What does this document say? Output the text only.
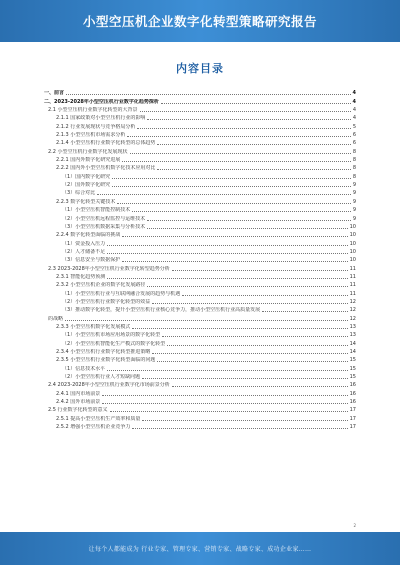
小型空压机企业数字化转型策略研究报告
内容目录
一、前言	4
二、2023-2028年小型空压机行业数字化趋势探析	4
2.1 小型空压机行业数字化转型的大背景	4
2.1.1 国家政策对小型空压机行业的影响	4
2.1.2 行业发展现状与竞争格局分析	5
2.1.3 小型空压机市场需求分析	6
2.1.4 小型空压机行业数字化转型的总体趋势	6
2.2 小型空压机行业数字化发展现状	8
2.2.1 国内外数字化研究进展	8
2.2.2 国内外小型空压机数字化技术应用对比	8
（1）国内数字化研究	8
（2）国外数字化研究	9
（3）综合对比	9
2.2.3 数字化转型关键技术	9
（1）小型空压机智能控制技术	9
（2）小型空压机远程监控与运维技术	9
（3）小型空压机数据采集与分析技术	10
2.2.4 数字化转型面临的挑战	10
（1）资金投入压力	10
（2）人才储备不足	10
（3）信息安全与数据保护	10
2.3 2023-2028年小型空压机行业数字化转型趋势分析	11
2.3.1 智能化趋势预测	11
2.3.2 小型空压机企业的数字化发展路径	11
（1）小型空压机行业与互联网融合发展的趋势与机遇	11
（2）小型空压机行业数字化转型的效益	12
（3）推动数字化转型，提升小型空压机行业核心竞争力，推动小型空压机行业高质量发展	12
的战略	12
2.3.3 小型空压机数字化发展模式	13
（1）小型空压机市场应用场景的数字化转型	13
（2）小型空压机智能化生产模式的数字化转型	14
2.3.4 小型空压机行业数字化转型推进策略	14
2.3.5 小型空压机行业数字化转型面临的问题	15
（1）信息技术水平	15
（2）小型空压机行业人才短缺问题	15
2.4 2023-2028年小型空压机行业数字化市场前景分析	16
2.4.1 国内市场前景	16
2.4.2 国外市场前景	16
2.5 行业数字化转型的意义	17
2.5.1 提高小型空压机生产效率和质量	17
2.5.2 增强小型空压机企业竞争力	17
2
让每个人都能成为 行业专家、管理专家、营销专家、战略专家、成功企业家……
